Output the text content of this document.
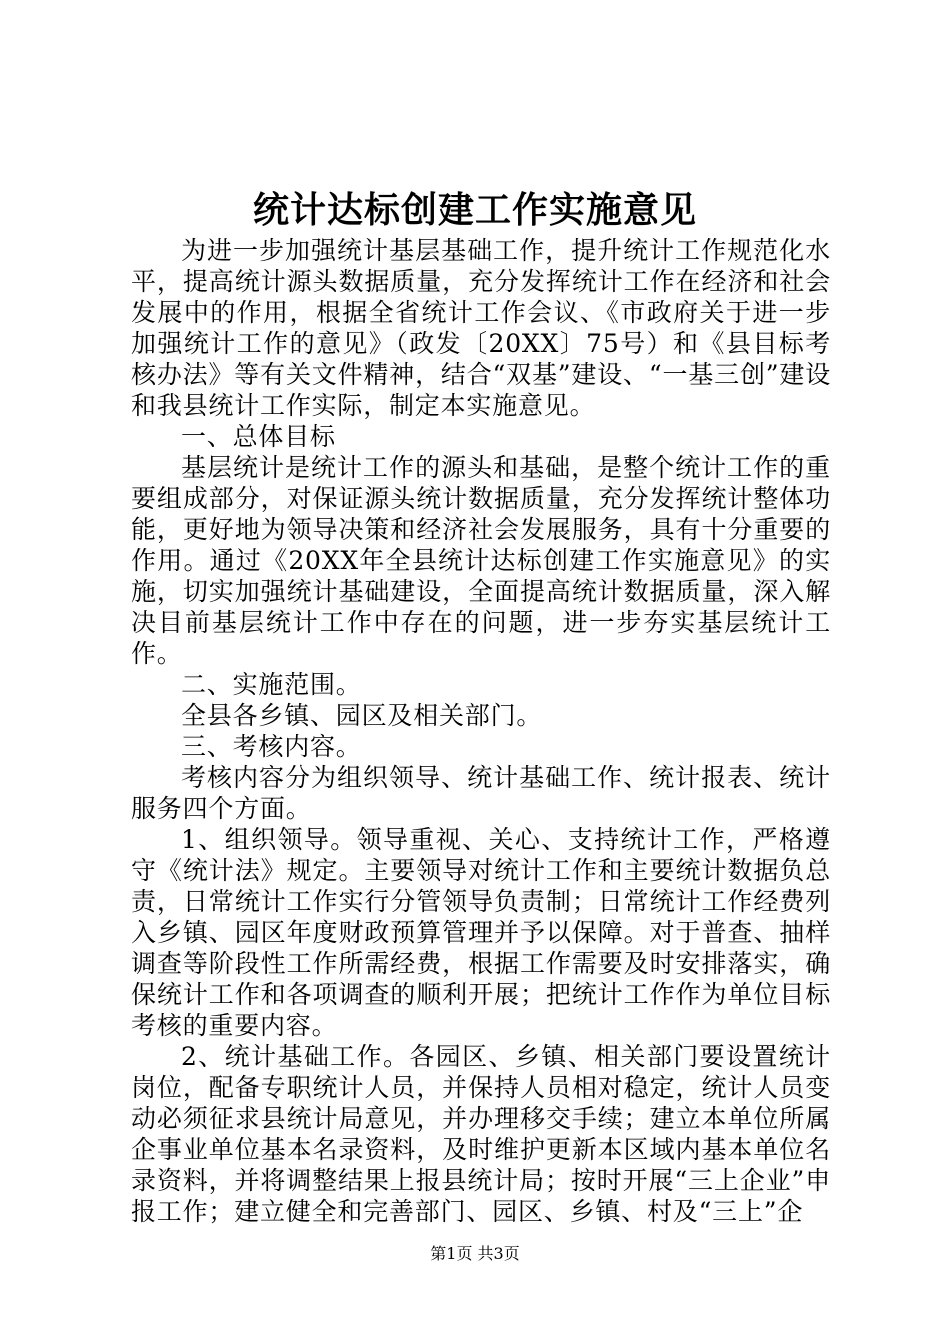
统计达标创建工作实施意见

为进一步加强统计基层基础工作，提升统计工作规范化水平，提高统计源头数据质量，充分发挥统计工作在经济和社会发展中的作用，根据全省统计工作会议、《市政府关于进一步加强统计工作的意见》（政发〔20XX〕75号）和《县目标考核办法》等有关文件精神，结合“双基”建设、“一基三创”建设和我县统计工作实际，制定本实施意见。

一、总体目标

基层统计是统计工作的源头和基础，是整个统计工作的重要组成部分，对保证源头统计数据质量，充分发挥统计整体功能，更好地为领导决策和经济社会发展服务，具有十分重要的作用。通过《20XX年全县统计达标创建工作实施意见》的实施，切实加强统计基础建设，全面提高统计数据质量，深入解决目前基层统计工作中存在的问题，进一步夯实基层统计工作。

二、实施范围。

全县各乡镇、园区及相关部门。

三、考核内容。

考核内容分为组织领导、统计基础工作、统计报表、统计服务四个方面。

1、组织领导。领导重视、关心、支持统计工作，严格遵守《统计法》规定。主要领导对统计工作和主要统计数据负总责，日常统计工作实行分管领导负责制；日常统计工作经费列入乡镇、园区年度财政预算管理并予以保障。对于普查、抽样调查等阶段性工作所需经费，根据工作需要及时安排落实，确保统计工作和各项调查的顺利开展；把统计工作作为单位目标考核的重要内容。

2、统计基础工作。各园区、乡镇、相关部门要设置统计岗位，配备专职统计人员，并保持人员相对稳定，统计人员变动必须征求县统计局意见，并办理移交手续；建立本单位所属企事业单位基本名录资料，及时维护更新本区域内基本单位名录资料，并将调整结果上报县统计局；按时开展“三上企业”申报工作；建立健全和完善部门、园区、乡镇、村及“三上”企

第1页 共3页
